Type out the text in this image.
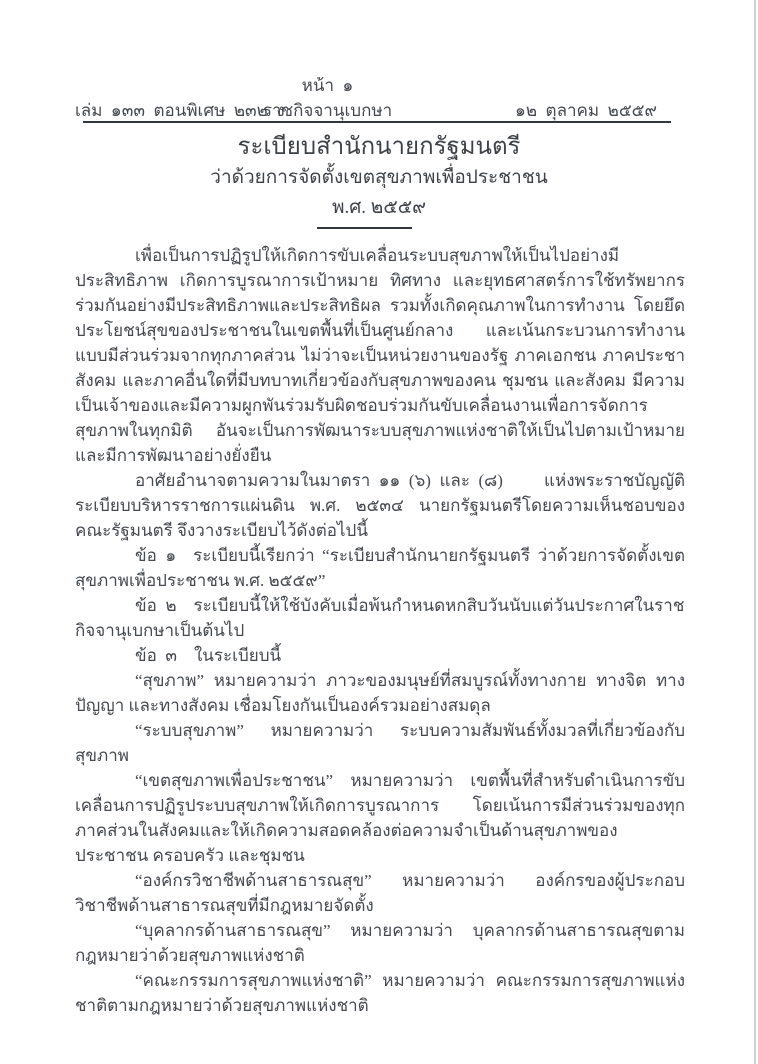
หน้า ๑
เล่ม ๑๓๓ ตอนพิเศษ ๒๓๒ ง
ราชกิจจานุเบกษา	๑๒ ตุลาคม ๒๕๕๙
ระเบียบสำนักนายกรัฐมนตรี
ว่าด้วยการจัดตั้งเขตสุขภาพเพื่อประชาชน
พ.ศ. ๒๕๕๙

เพื่อเป็นการปฏิรูปให้เกิดการขับเคลื่อนระบบสุขภาพให้เป็นไปอย่างมีประสิทธิภาพ เกิดการบูรณาการเป้าหมาย ทิศทาง และยุทธศาสตร์การใช้ทรัพยากรร่วมกันอย่างมีประสิทธิภาพและประสิทธิผล รวมทั้งเกิดคุณภาพในการทำงาน โดยยึดประโยชน์สุขของประชาชนในเขตพื้นที่เป็นศูนย์กลาง และเน้นกระบวนการทำงานแบบมีส่วนร่วมจากทุกภาคส่วน ไม่ว่าจะเป็นหน่วยงานของรัฐ ภาคเอกชน ภาคประชาสังคม และภาคอื่นใดที่มีบทบาทเกี่ยวข้องกับสุขภาพของคน ชุมชน และสังคม มีความเป็นเจ้าของและมีความผูกพันร่วมรับผิดชอบร่วมกันขับเคลื่อนงานเพื่อการจัดการสุขภาพในทุกมิติ อันจะเป็นการพัฒนาระบบสุขภาพแห่งชาติให้เป็นไปตามเป้าหมายและมีการพัฒนาอย่างยั่งยืน

อาศัยอำนาจตามความในมาตรา ๑๑ (๖) และ (๘) แห่งพระราชบัญญัติระเบียบบริหารราชการแผ่นดิน พ.ศ. ๒๕๓๔ นายกรัฐมนตรีโดยความเห็นชอบของคณะรัฐมนตรี จึงวางระเบียบไว้ดังต่อไปนี้

ข้อ ๑ ระเบียบนี้เรียกว่า “ระเบียบสำนักนายกรัฐมนตรี ว่าด้วยการจัดตั้งเขตสุขภาพเพื่อประชาชน พ.ศ. ๒๕๕๙”

ข้อ ๒ ระเบียบนี้ให้ใช้บังคับเมื่อพ้นกำหนดหกสิบวันนับแต่วันประกาศในราชกิจจานุเบกษาเป็นต้นไป

ข้อ ๓ ในระเบียบนี้

“สุขภาพ” หมายความว่า ภาวะของมนุษย์ที่สมบูรณ์ทั้งทางกาย ทางจิต ทางปัญญา และทางสังคม เชื่อมโยงกันเป็นองค์รวมอย่างสมดุล

“ระบบสุขภาพ” หมายความว่า ระบบความสัมพันธ์ทั้งมวลที่เกี่ยวข้องกับสุขภาพ

“เขตสุขภาพเพื่อประชาชน” หมายความว่า เขตพื้นที่สำหรับดำเนินการขับเคลื่อนการปฏิรูประบบสุขภาพให้เกิดการบูรณาการ โดยเน้นการมีส่วนร่วมของทุกภาคส่วนในสังคมและให้เกิดความสอดคล้องต่อความจำเป็นด้านสุขภาพของประชาชน ครอบครัว และชุมชน

“องค์กรวิชาชีพด้านสาธารณสุข” หมายความว่า องค์กรของผู้ประกอบวิชาชีพด้านสาธารณสุขที่มีกฎหมายจัดตั้ง

“บุคลากรด้านสาธารณสุข” หมายความว่า บุคลากรด้านสาธารณสุขตามกฎหมายว่าด้วยสุขภาพแห่งชาติ

“คณะกรรมการสุขภาพแห่งชาติ” หมายความว่า คณะกรรมการสุขภาพแห่งชาติตามกฎหมายว่าด้วยสุขภาพแห่งชาติ
